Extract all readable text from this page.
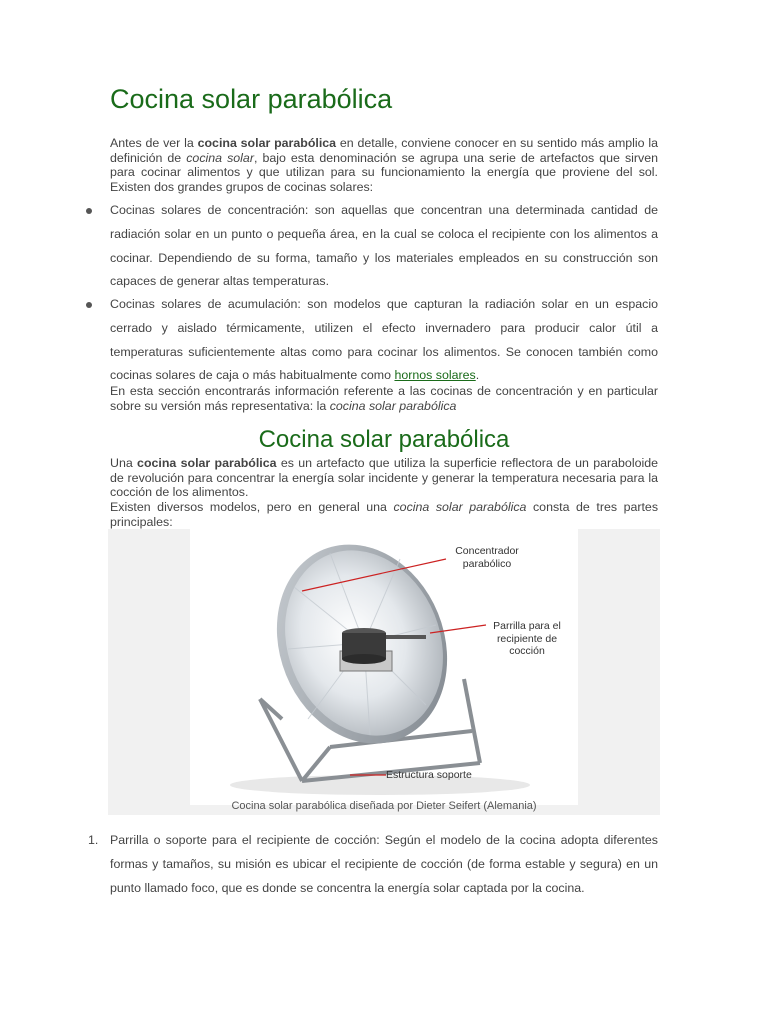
Cocina solar parabólica

Antes de ver la cocina solar parabólica en detalle, conviene conocer en su sentido más amplio la definición de cocina solar, bajo esta denominación se agrupa una serie de artefactos que sirven para cocinar alimentos y que utilizan para su funcionamiento la energía que proviene del sol. Existen dos grandes grupos de cocinas solares:

Cocinas solares de concentración: son aquellas que concentran una determinada cantidad de radiación solar en un punto o pequeña área, en la cual se coloca el recipiente con los alimentos a cocinar. Dependiendo de su forma, tamaño y los materiales empleados en su construcción son capaces de generar altas temperaturas.

Cocinas solares de acumulación: son modelos que capturan la radiación solar en un espacio cerrado y aislado térmicamente, utilizen el efecto invernadero para producir calor útil a temperaturas suficientemente altas como para cocinar los alimentos. Se conocen también como cocinas solares de caja o más habitualmente como hornos solares.

En esta sección encontrarás información referente a las cocinas de concentración y en particular sobre su versión más representativa: la cocina solar parabólica

Cocina solar parabólica

Una cocina solar parabólica es un artefacto que utiliza la superficie reflectora de un paraboloide de revolución para concentrar la energía solar incidente y generar la temperatura necesaria para la cocción de los alimentos.

Existen diversos modelos, pero en general una cocina solar parabólica consta de tres partes principales:

Concentrador parabólico
Parrilla para el recipiente de cocción
Estructura soporte
Cocina solar parabólica diseñada por Dieter Seifert (Alemania)
1. Parrilla o soporte para el recipiente de cocción: Según el modelo de la cocina adopta diferentes formas y tamaños, su misión es ubicar el recipiente de cocción (de forma estable y segura) en un punto llamado foco, que es donde se concentra la energía solar captada por la cocina.
